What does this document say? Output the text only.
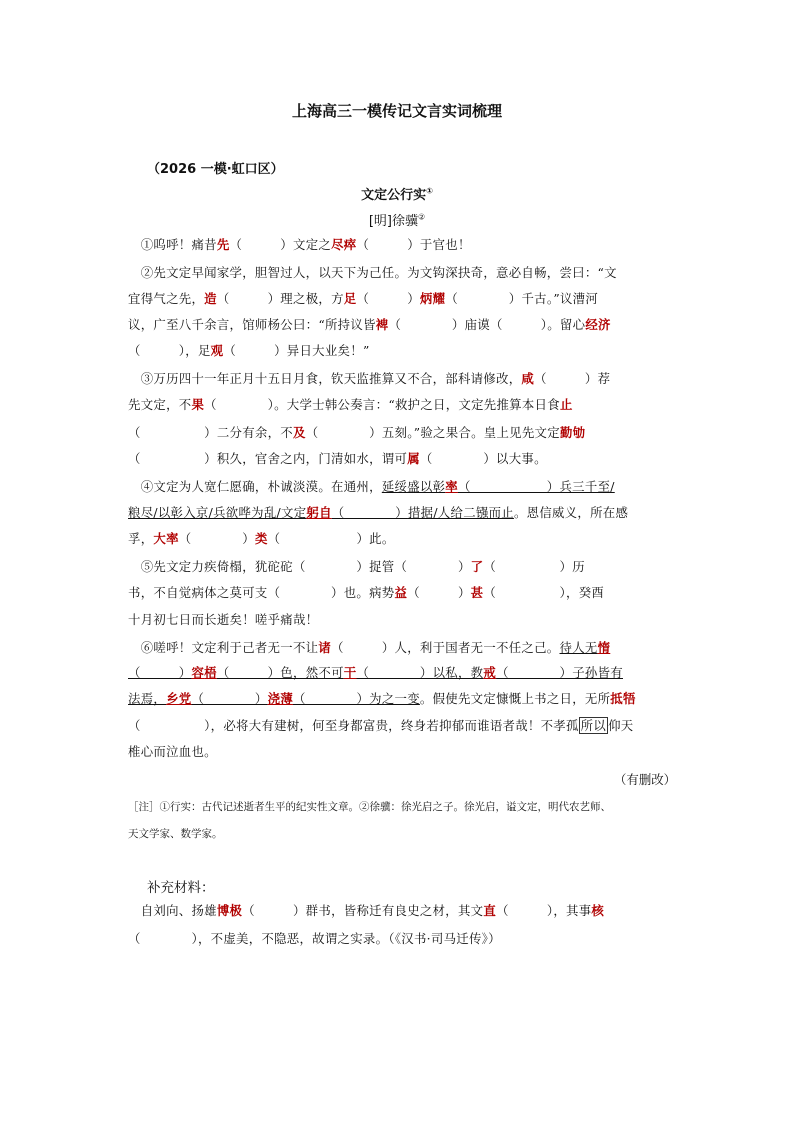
上海高三一模传记文言实词梳理
（2026 一模·虹口区）
文定公行实①
[明]徐骥②
　①呜呼！痛昔先（　　　）文定之尽瘁（　　　）于官也！
　②先文定早闻家学，胆智过人，以天下为己任。为文钩深抉奇，意必自畅，尝曰：“文
宜得气之先，造（　　　）理之极，方足（　　　）炳耀（　　　　）千古。”议漕河
议，广至八千余言，馆师杨公曰：“所持议皆裨（　　　　）庙谟（　　　）。留心经济
（　　　），足观（　　　）异日大业矣！”
　③万历四十一年正月十五日月食，钦天监推算又不合，部科请修改，咸（　　　）荐
先文定，不果（　　　　）。大学士韩公奏言：“救护之日，文定先推算本日食止
（　　　　　）二分有余，不及（　　　　）五刻。”验之果合。皇上见先文定勤劬
（　　　　　）积久，官舍之内，门清如水，谓可属（　　　　）以大事。
　④文定为人宽仁愿确，朴诚淡漠。在通州，延绥盛以彰率（　　　　　　）兵三千至/
粮尽/以彰入京/兵欲哗为乱/文定躬自（　　　　）措据/人给二镪而止。恩信威义，所在感
孚，大率（　　　　）类（　　　　　　）此。
　⑤先文定力疾倚榻，犹砣砣（　　　　）捉管（　　　　）了（　　　　　）历
书，不自觉病体之莫可支（　　　　）也。病势益（　　　）甚（　　　　　），癸酉
十月初七日而长逝矣！嗟乎痛哉！
　⑥嗟呼！文定利于己者无一不让诸（　　　）人，利于国者无一不任之己。待人无惰
（　　　）容梧（　　　）色，然不可干（　　　　）以私，教戒（　　　　）子孙皆有
法焉，乡党（　　　　）浇薄（　　　　）为之一变。假使先文定慷慨上书之日，无所抵牾
（　　　　　），必将大有建树，何至身都富贵，终身若抑郁而谁语者哉！不孝孤 所以 仰天
椎心而泣血也。
（有删改）
［注］①行实：古代记述逝者生平的纪实性文章。②徐骥：徐光启之子。徐光启，谥文定，明代农艺师、
天文学家、数学家。
补充材料：
　自刘向、扬雄博极（　　　）群书，皆称迁有良史之材，其文直（　　　），其事核
（　　　　），不虚美，不隐恶，故谓之实录。（《汉书·司马迁传》）
